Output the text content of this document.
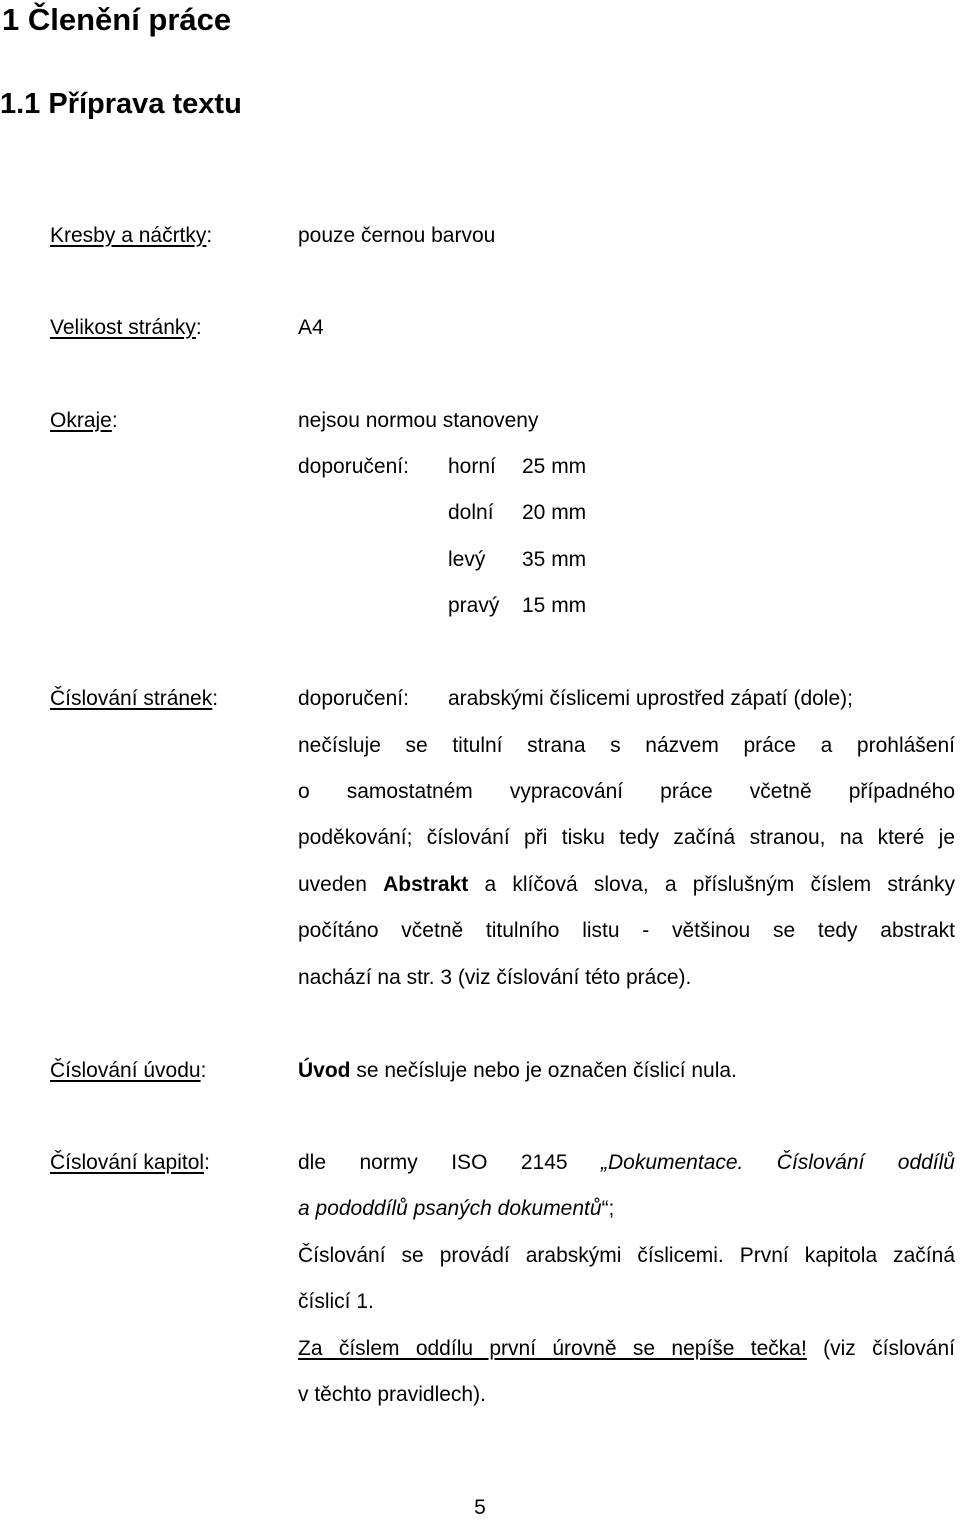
1 Členění práce
1.1 Příprava textu
Kresby a náčrtky:	pouze černou barvou
Velikost stránky:	A4
Okraje:	nejsou normou stanoveny
doporučení: horní 25 mm
dolní 20 mm
levý 35 mm
pravý 15 mm
Číslování stránek:	doporučení: arabskými číslicemi uprostřed zápatí (dole);
nečísluje se titulní strana s názvem práce a prohlášení
o samostatném vypracování práce včetně případného
poděkování; číslování při tisku tedy začíná stranou, na které je
uveden Abstrakt a klíčová slova, a příslušným číslem stránky
počítáno včetně titulního listu - většinou se tedy abstrakt
nachází na str. 3 (viz číslování této práce).
Číslování úvodu:	Úvod se nečísluje nebo je označen číslicí nula.
Číslování kapitol:	dle normy ISO 2145 „Dokumentace. Číslování oddílů
a pododdílů psaných dokumentů“;
Číslování se provádí arabskými číslicemi. První kapitola začíná
číslicí 1.
Za číslem oddílu první úrovně se nepíše tečka! (viz číslování
v těchto pravidlech).
5
